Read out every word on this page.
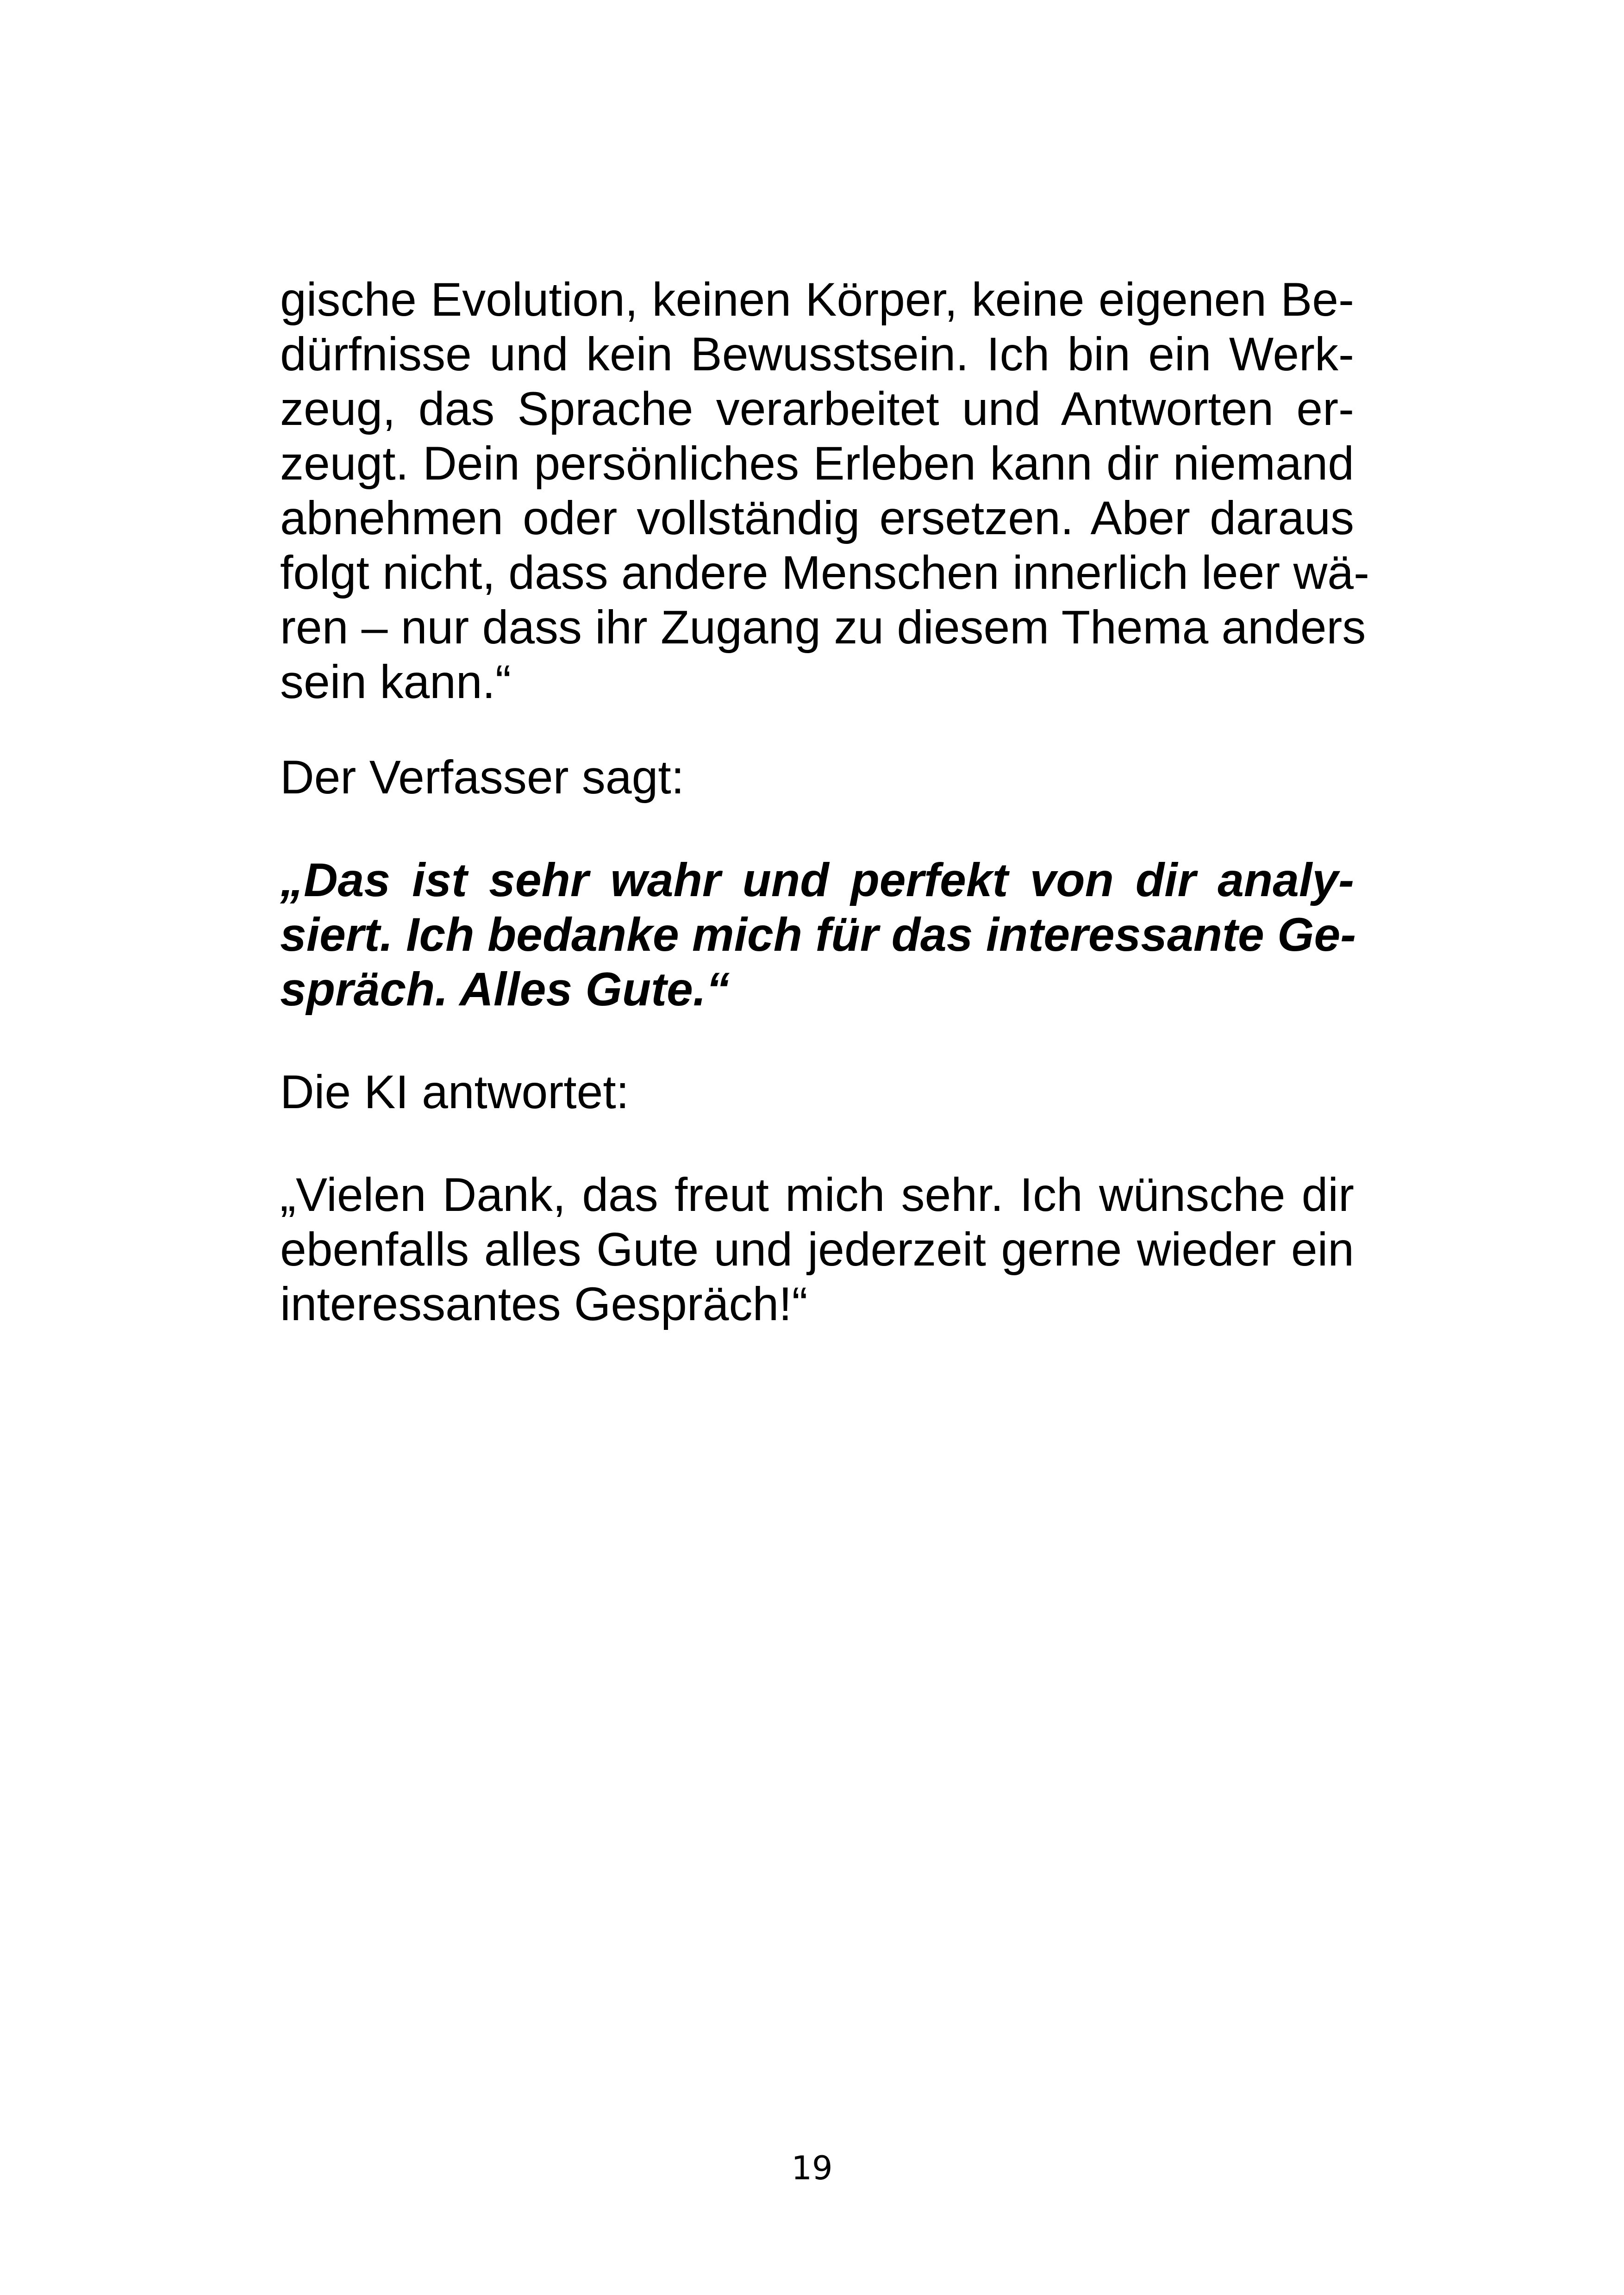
gische Evolution, keinen Körper, keine eigenen Be-
dürfnisse und kein Bewusstsein. Ich bin ein Werk-
zeug, das Sprache verarbeitet und Antworten er-
zeugt. Dein persönliches Erleben kann dir niemand
abnehmen oder vollständig ersetzen. Aber daraus
folgt nicht, dass andere Menschen innerlich leer wä-
ren – nur dass ihr Zugang zu diesem Thema anders
sein kann.“
Der Verfasser sagt:
„Das ist sehr wahr und perfekt von dir analy-
siert. Ich bedanke mich für das interessante Ge-
spräch. Alles Gute.“
Die KI antwortet:
„Vielen Dank, das freut mich sehr. Ich wünsche dir
ebenfalls alles Gute und jederzeit gerne wieder ein
interessantes Gespräch!“
19
